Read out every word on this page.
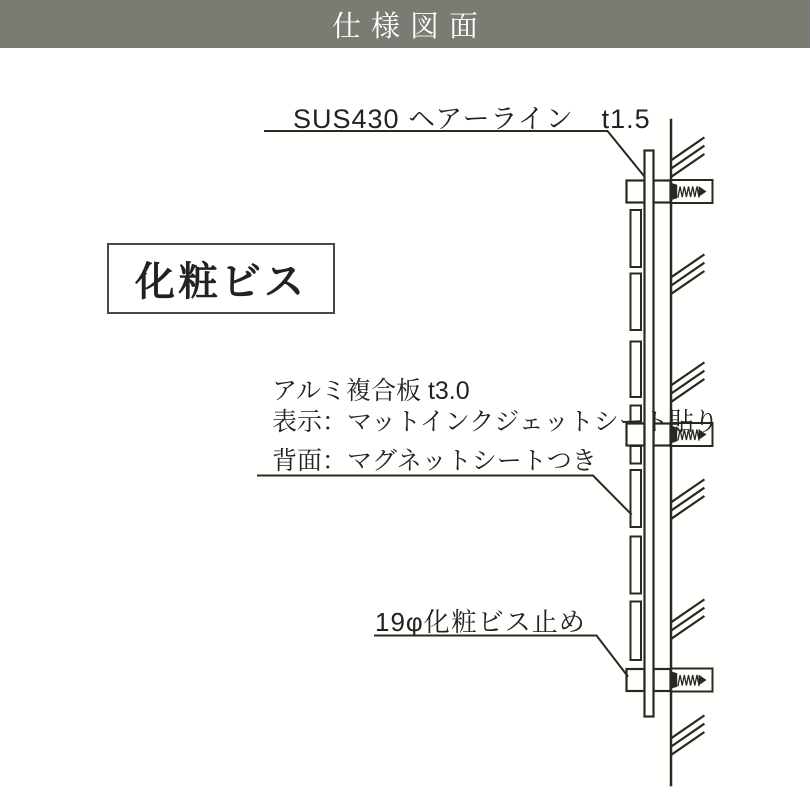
仕様図面
SUS430 ヘアーライン　t1.5
化粧ビス
アルミ複合板 t3.0
表示：マットインクジェットシート貼り
背面：マグネットシートつき
19φ化粧ビス止め
